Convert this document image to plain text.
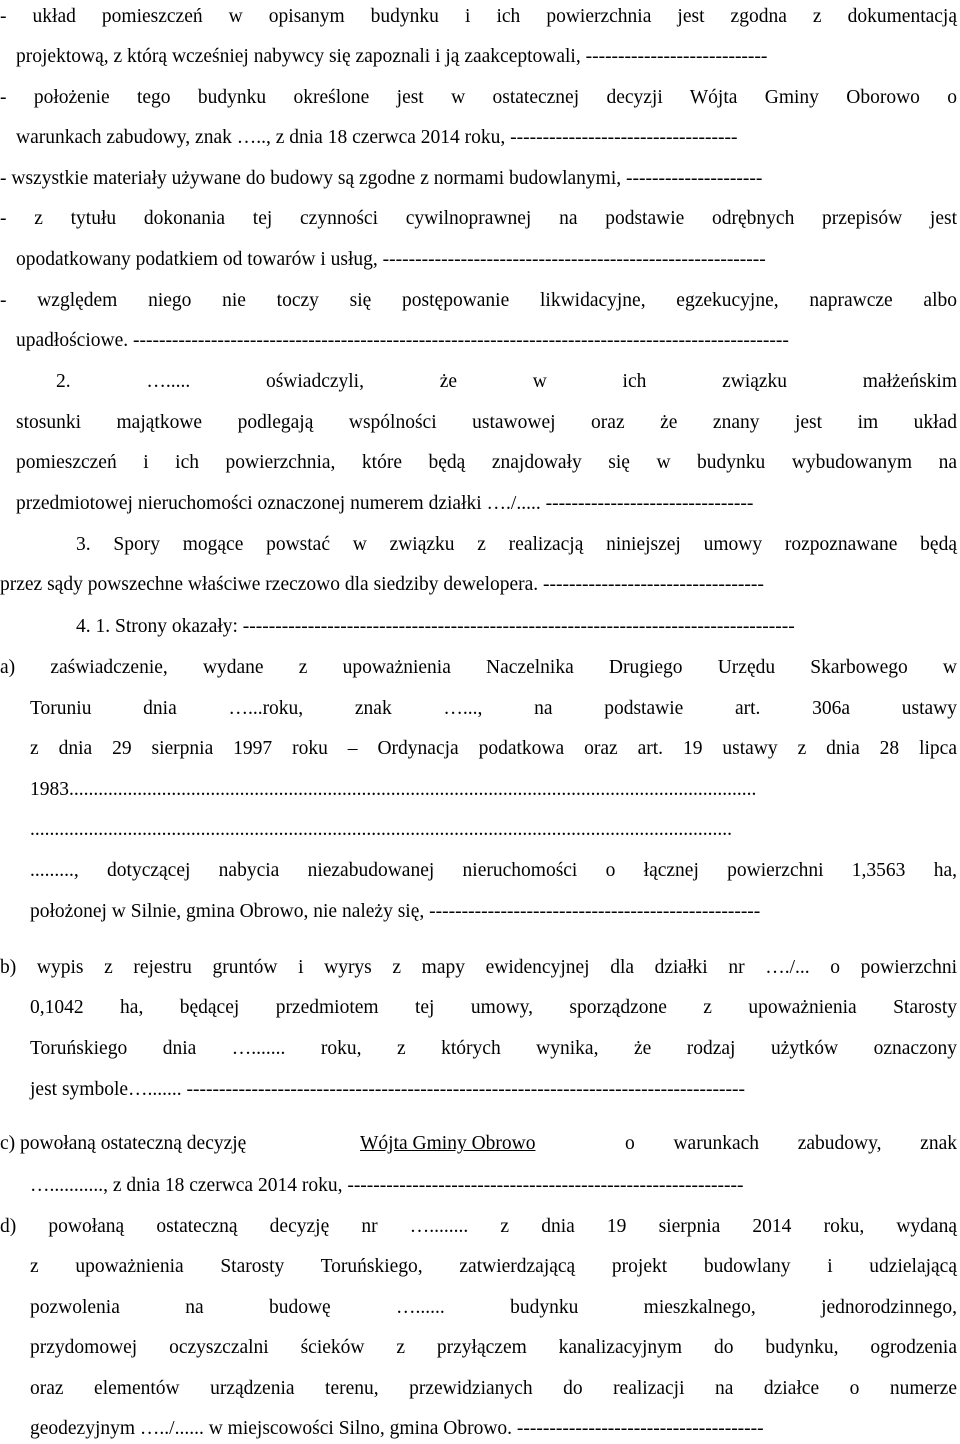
- układ pomieszczeń w opisanym budynku i ich powierzchnia jest zgodna z dokumentacją
projektową, z którą wcześniej nabywcy się zapoznali i ją zaakceptowali, ----------------------------
- położenie tego budynku określone jest w ostatecznej decyzji Wójta Gminy Oborowo o
warunkach zabudowy, znak ….., z dnia 18 czerwca 2014 roku, -----------------------------------
- wszystkie materiały używane do budowy są zgodne z normami budowlanymi, ---------------------
- z tytułu dokonania tej czynności cywilnoprawnej na podstawie odrębnych przepisów jest
opodatkowany podatkiem od towarów i usług, -----------------------------------------------------------
- względem niego nie toczy się postępowanie likwidacyjne, egzekucyjne, naprawcze albo
upadłościowe. -----------------------------------------------------------------------------------------------------
2. …..... oświadczyli, że w ich związku małżeńskim
stosunki majątkowe podlegają wspólności ustawowej oraz że znany jest im układ
pomieszczeń i ich powierzchnia, które będą znajdowały się w budynku wybudowanym na
przedmiotowej nieruchomości oznaczonej numerem działki …./..... --------------------------------
3. Spory mogące powstać w związku z realizacją niniejszej umowy rozpoznawane będą
przez sądy powszechne właściwe rzeczowo dla siedziby dewelopera. ----------------------------------
4. 1. Strony okazały: -------------------------------------------------------------------------------------
a) zaświadczenie, wydane z upoważnienia Naczelnika Drugiego Urzędu Skarbowego w
Toruniu dnia …...roku, znak …..., na podstawie art. 306a ustawy
z dnia 29 sierpnia 1997 roku – Ordynacja podatkowa oraz art. 19 ustawy z dnia 28 lipca
1983.............................................................................................................................................
................................................................................................................................................
........., dotyczącej nabycia niezabudowanej nieruchomości o łącznej powierzchni 1,3563 ha,
położonej w Silnie, gmina Obrowo, nie należy się, ---------------------------------------------------
b) wypis z rejestru gruntów i wyrys z mapy ewidencyjnej dla działki nr …./... o powierzchni
0,1042 ha, będącej przedmiotem tej umowy, sporządzone z upoważnienia Starosty
Toruńskiego dnia …....... roku, z których wynika, że rodzaj użytków oznaczony
jest symbole…....... --------------------------------------------------------------------------------------
c) powołaną ostateczną decyzję	Wójta Gminy Obrowo	o warunkach zabudowy, znak
…..........., z dnia 18 czerwca 2014 roku, -------------------------------------------------------------
d) powołaną ostateczną decyzję nr …........ z dnia 19 sierpnia 2014 roku, wydaną
z upoważnienia Starosty Toruńskiego, zatwierdzającą projekt budowlany i udzielającą
pozwolenia na budowę …...... budynku mieszkalnego, jednorodzinnego,
przydomowej oczyszczalni ścieków z przyłączem kanalizacyjnym do budynku, ogrodzenia
oraz elementów urządzenia terenu, przewidzianych do realizacji na działce o numerze
geodezyjnym …../...... w miejscowości Silno, gmina Obrowo. --------------------------------------
